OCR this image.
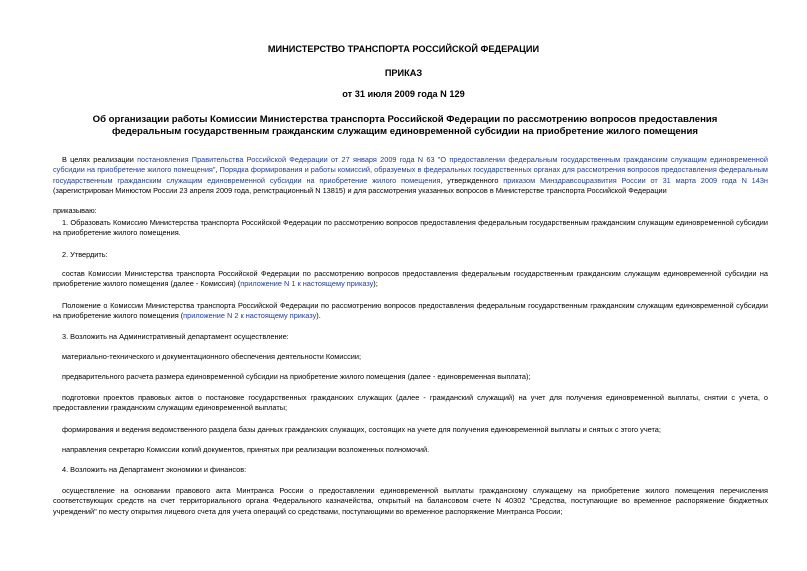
МИНИСТЕРСТВО ТРАНСПОРТА РОССИЙСКОЙ ФЕДЕРАЦИИ
ПРИКАЗ
от 31 июля 2009 года N 129
Об организации работы Комиссии Министерства транспорта Российской Федерации по рассмотрению вопросов предоставления федеральным государственным гражданским служащим единовременной субсидии на приобретение жилого помещения
В целях реализации постановления Правительства Российской Федерации от 27 января 2009 года N 63 "О предоставлении федеральным государственным гражданским служащим единовременной субсидии на приобретение жилого помещения", Порядка формирования и работы комиссий, образуемых в федеральных государственных органах для рассмотрения вопросов предоставления федеральным государственным гражданским служащим единовременной субсидии на приобретение жилого помещения, утвержденного приказом Минздравсоцразвития России от 31 марта 2009 года N 143н (зарегистрирован Минюстом России 23 апреля 2009 года, регистрационный N 13815) и для рассмотрения указанных вопросов в Министерстве транспорта Российской Федерации
приказываю:
1. Образовать Комиссию Министерства транспорта Российской Федерации по рассмотрению вопросов предоставления федеральным государственным гражданским служащим единовременной субсидии на приобретение жилого помещения.
2. Утвердить:
состав Комиссии Министерства транспорта Российской Федерации по рассмотрению вопросов предоставления федеральным государственным гражданским служащим единовременной субсидии на приобретение жилого помещения (далее - Комиссия) (приложение N 1 к настоящему приказу);
Положение о Комиссии Министерства транспорта Российской Федерации по рассмотрению вопросов предоставления федеральным государственным гражданским служащим единовременной субсидии на приобретение жилого помещения (приложение N 2 к настоящему приказу).
3. Возложить на Административный департамент осуществление:
материально-технического и документационного обеспечения деятельности Комиссии;
предварительного расчета размера единовременной субсидии на приобретение жилого помещения (далее - единовременная выплата);
подготовки проектов правовых актов о постановке государственных гражданских служащих (далее - гражданский служащий) на учет для получения единовременной выплаты, снятии с учета, о предоставлении гражданским служащим единовременной выплаты;
формирования и ведения ведомственного раздела базы данных гражданских служащих, состоящих на учете для получения единовременной выплаты и снятых с этого учета;
направления секретарю Комиссии копий документов, принятых при реализации возложенных полномочий.
4. Возложить на Департамент экономики и финансов:
осуществление на основании правового акта Минтранса России о предоставлении единовременной выплаты гражданскому служащему на приобретение жилого помещения перечисления соответствующих средств на счет территориального органа Федерального казначейства, открытый на балансовом счете N 40302 "Средства, поступающие во временное распоряжение бюджетных учреждений" по месту открытия лицевого счета для учета операций со средствами, поступающими во временное распоряжение Минтранса России;
